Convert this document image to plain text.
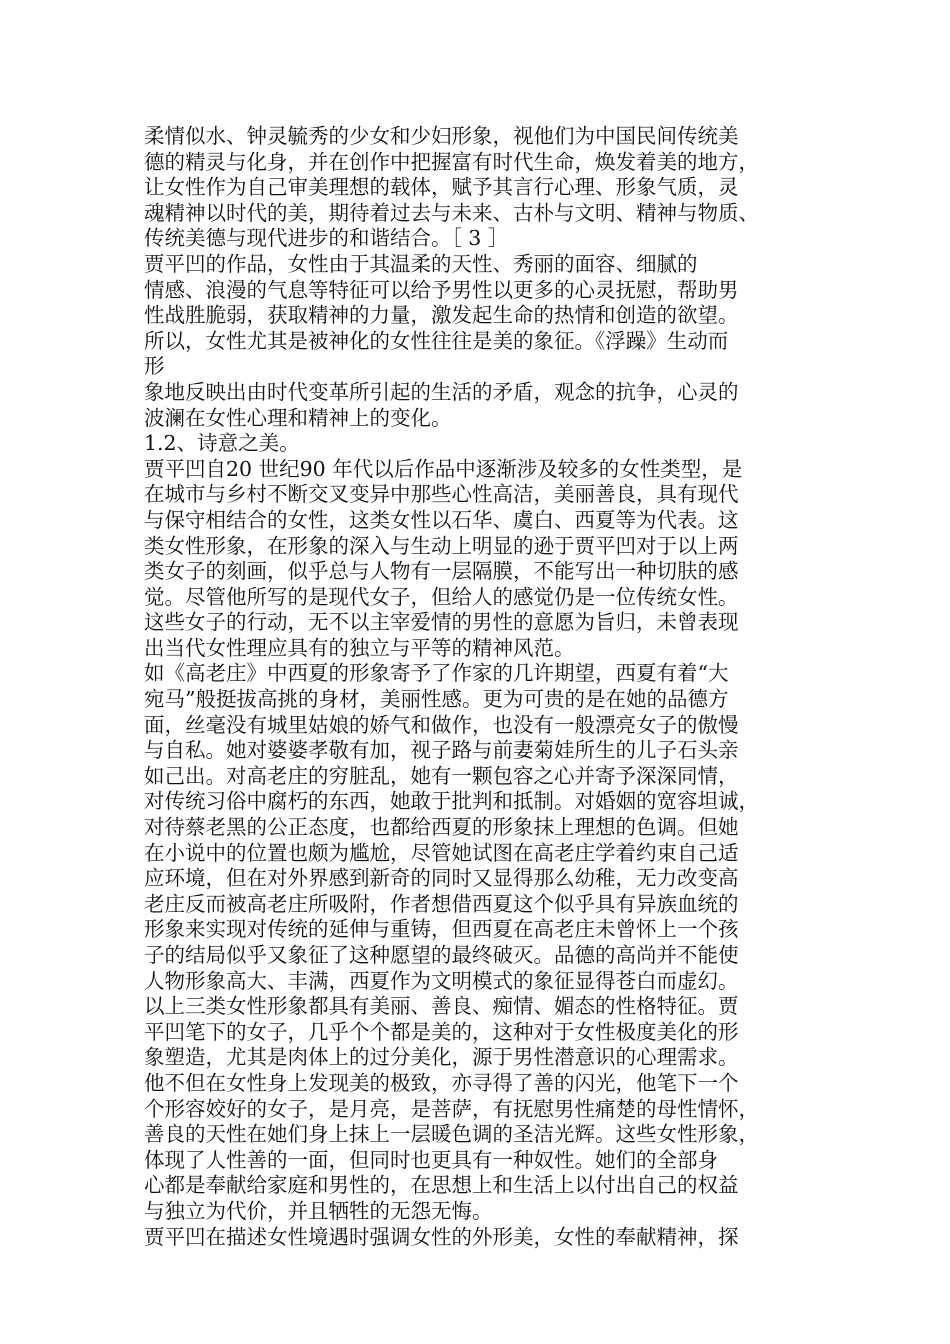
柔情似水、钟灵毓秀的少女和少妇形象，视他们为中国民间传统美
德的精灵与化身，并在创作中把握富有时代生命，焕发着美的地方，
让女性作为自己审美理想的载体，赋予其言行心理、形象气质，灵
魂精神以时代的美，期待着过去与未来、古朴与文明、精神与物质、
传统美德与现代进步的和谐结合。［ 3 ］
贾平凹的作品，女性由于其温柔的天性、秀丽的面容、细腻的
情感、浪漫的气息等特征可以给予男性以更多的心灵抚慰，帮助男
性战胜脆弱，获取精神的力量，激发起生命的热情和创造的欲望。
所以，女性尤其是被神化的女性往往是美的象征。《浮躁》生动而
形
象地反映出由时代变革所引起的生活的矛盾，观念的抗争，心灵的
波澜在女性心理和精神上的变化。
1.2、诗意之美。
贾平凹自20 世纪90 年代以后作品中逐渐涉及较多的女性类型，是
在城市与乡村不断交叉变异中那些心性高洁，美丽善良，具有现代
与保守相结合的女性，这类女性以石华、虞白、西夏等为代表。这
类女性形象，在形象的深入与生动上明显的逊于贾平凹对于以上两
类女子的刻画，似乎总与人物有一层隔膜，不能写出一种切肤的感
觉。尽管他所写的是现代女子，但给人的感觉仍是一位传统女性。
这些女子的行动，无不以主宰爱情的男性的意愿为旨归，未曾表现
出当代女性理应具有的独立与平等的精神风范。
如《高老庄》中西夏的形象寄予了作家的几许期望，西夏有着“大
宛马”般挺拔高挑的身材，美丽性感。更为可贵的是在她的品德方
面，丝毫没有城里姑娘的娇气和做作，也没有一般漂亮女子的傲慢
与自私。她对婆婆孝敬有加，视子路与前妻菊娃所生的儿子石头亲
如己出。对高老庄的穷脏乱，她有一颗包容之心并寄予深深同情，
对传统习俗中腐朽的东西，她敢于批判和抵制。对婚姻的宽容坦诚，
对待蔡老黑的公正态度，也都给西夏的形象抹上理想的色调。但她
在小说中的位置也颇为尴尬，尽管她试图在高老庄学着约束自己适
应环境，但在对外界感到新奇的同时又显得那么幼稚，无力改变高
老庄反而被高老庄所吸附，作者想借西夏这个似乎具有异族血统的
形象来实现对传统的延伸与重铸，但西夏在高老庄未曾怀上一个孩
子的结局似乎又象征了这种愿望的最终破灭。品德的高尚并不能使
人物形象高大、丰满，西夏作为文明模式的象征显得苍白而虚幻。
以上三类女性形象都具有美丽、善良、痴情、媚态的性格特征。贾
平凹笔下的女子，几乎个个都是美的，这种对于女性极度美化的形
象塑造，尤其是肉体上的过分美化，源于男性潜意识的心理需求。
他不但在女性身上发现美的极致，亦寻得了善的闪光，他笔下一个
个形容姣好的女子，是月亮，是菩萨，有抚慰男性痛楚的母性情怀，
善良的天性在她们身上抹上一层暖色调的圣洁光辉。这些女性形象，
体现了人性善的一面，但同时也更具有一种奴性。她们的全部身
心都是奉献给家庭和男性的，在思想上和生活上以付出自己的权益
与独立为代价，并且牺牲的无怨无悔。
贾平凹在描述女性境遇时强调女性的外形美，女性的奉献精神，探
